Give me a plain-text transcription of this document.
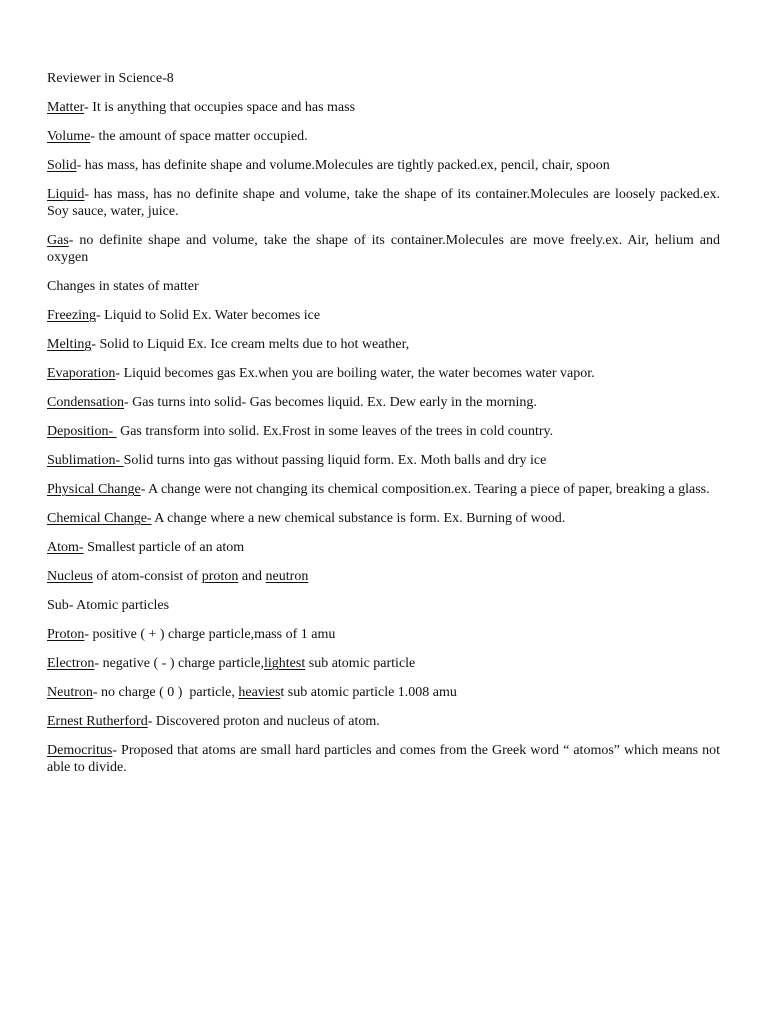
Reviewer in Science-8

Matter- It is anything that occupies space and has mass

Volume- the amount of space matter occupied.

Solid- has mass, has definite shape and volume.Molecules are tightly packed.ex, pencil, chair, spoon

Liquid- has mass, has no definite shape and volume, take the shape of its container.Molecules are loosely packed.ex. Soy sauce, water, juice.

Gas- no definite shape and volume, take the shape of its container.Molecules are move freely.ex. Air, helium and oxygen

Changes in states of matter

Freezing- Liquid to Solid Ex. Water becomes ice

Melting- Solid to Liquid Ex. Ice cream melts due to hot weather,

Evaporation- Liquid becomes gas Ex.when you are boiling water, the water becomes water vapor.

Condensation- Gas turns into solid- Gas becomes liquid. Ex. Dew early in the morning.

Deposition-  Gas transform into solid. Ex.Frost in some leaves of the trees in cold country.

Sublimation- Solid turns into gas without passing liquid form. Ex. Moth balls and dry ice

Physical Change- A change were not changing its chemical composition.ex. Tearing a piece of paper, breaking a glass.

Chemical Change- A change where a new chemical substance is form. Ex. Burning of wood.

Atom- Smallest particle of an atom

Nucleus of atom-consist of proton and neutron

Sub- Atomic particles

Proton- positive ( + ) charge particle,mass of 1 amu

Electron- negative ( - ) charge particle,lightest sub atomic particle

Neutron- no charge ( 0 )  particle, heaviest sub atomic particle 1.008 amu

Ernest Rutherford- Discovered proton and nucleus of atom.

Democritus- Proposed that atoms are small hard particles and comes from the Greek word “ atomos” which means not able to divide.
